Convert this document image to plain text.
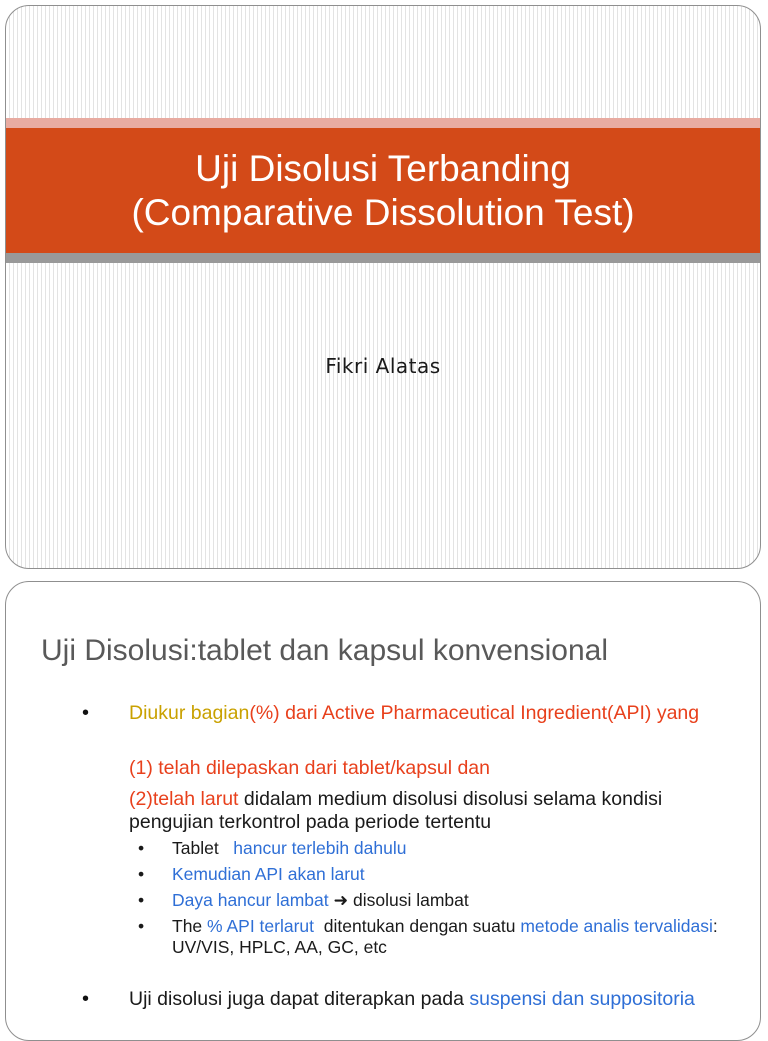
Uji Disolusi Terbanding
(Comparative Dissolution Test)
Fikri Alatas
Uji Disolusi:tablet dan kapsul konvensional
• Diukur bagian(%) dari Active Pharmaceutical Ingredient(API) yang
(1) telah dilepaskan dari tablet/kapsul dan
(2)telah larut didalam medium disolusi disolusi selama kondisi pengujian terkontrol pada periode tertentu
• Tablet   hancur terlebih dahulu
• Kemudian API akan larut
• Daya hancur lambat ➜ disolusi lambat
• The % API terlarut  ditentukan dengan suatu metode analis tervalidasi: UV/VIS, HPLC, AA, GC, etc
• Uji disolusi juga dapat diterapkan pada suspensi dan suppositoria
